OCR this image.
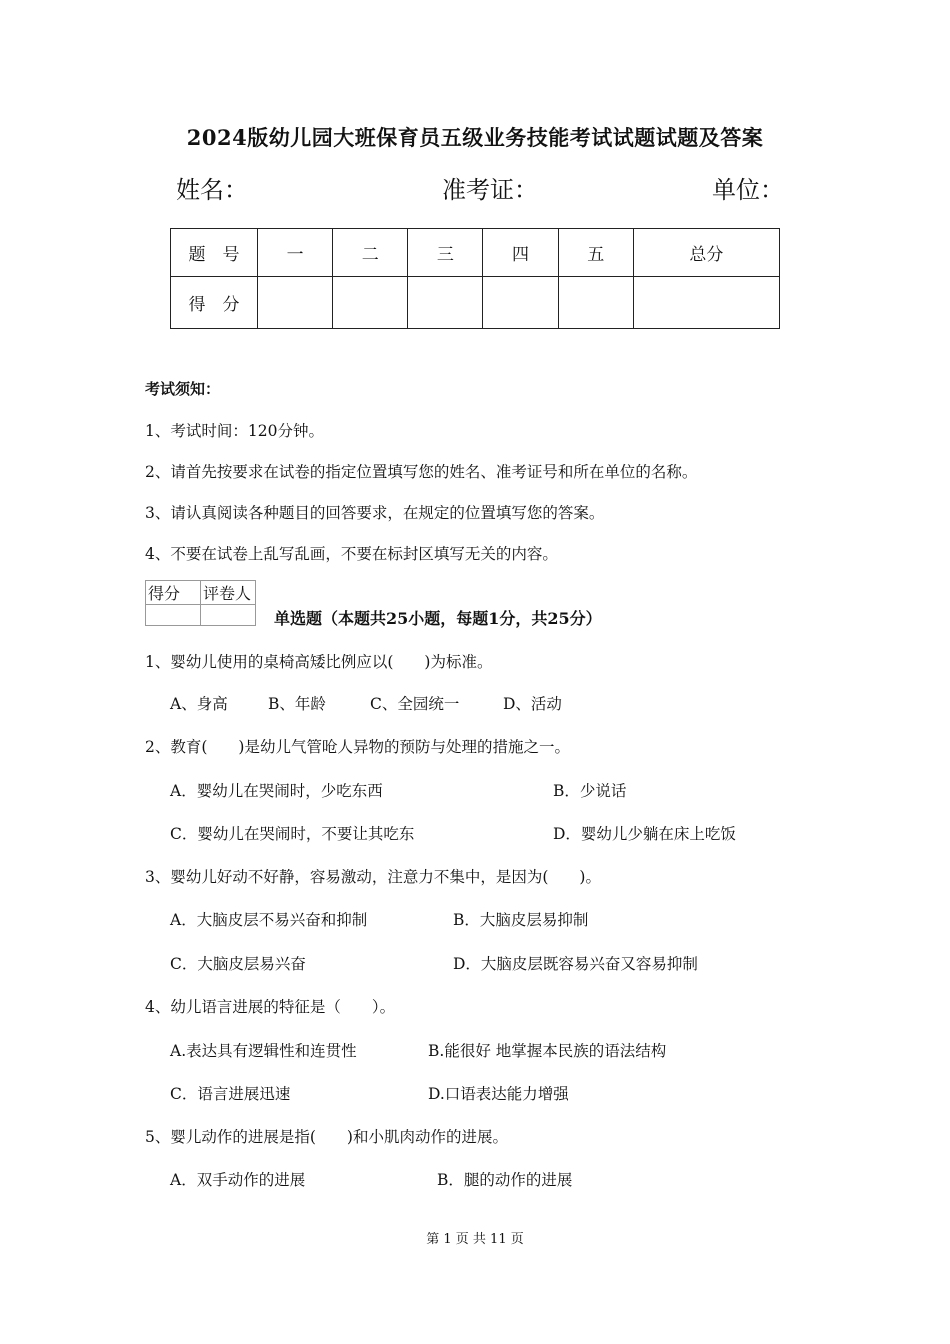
2024版幼儿园大班保育员五级业务技能考试试题试题及答案
姓名：	准考证：	单位：
题　号	一	二	三	四	五	总分
得　分						
考试须知：
1、考试时间：120分钟。
2、请首先按要求在试卷的指定位置填写您的姓名、准考证号和所在单位的名称。
3、请认真阅读各种题目的回答要求，在规定的位置填写您的答案。
4、不要在试卷上乱写乱画，不要在标封区填写无关的内容。
得分	评卷人

单选题（本题共25小题，每题1分，共25分）
1、婴幼儿使用的桌椅高矮比例应以(　　)为标准。
A、身高	B、年龄	C、全园统一	D、活动
2、教育(　　)是幼儿气管呛人异物的预防与处理的措施之一。
A．婴幼儿在哭闹时，少吃东西	B．少说话
C．婴幼儿在哭闹时，不要让其吃东	D．婴幼儿少躺在床上吃饭
3、婴幼儿好动不好静，容易激动，注意力不集中，是因为(　　)。
A．大脑皮层不易兴奋和抑制	B．大脑皮层易抑制
C．大脑皮层易兴奋	D．大脑皮层既容易兴奋又容易抑制
4、幼儿语言进展的特征是（　　）。
A.表达具有逻辑性和连贯性	B.能很好 地掌握本民族的语法结构
C．语言进展迅速	D.口语表达能力增强
5、婴儿动作的进展是指(　　)和小肌肉动作的进展。
A．双手动作的进展	B．腿的动作的进展
第 1 页 共 11 页
